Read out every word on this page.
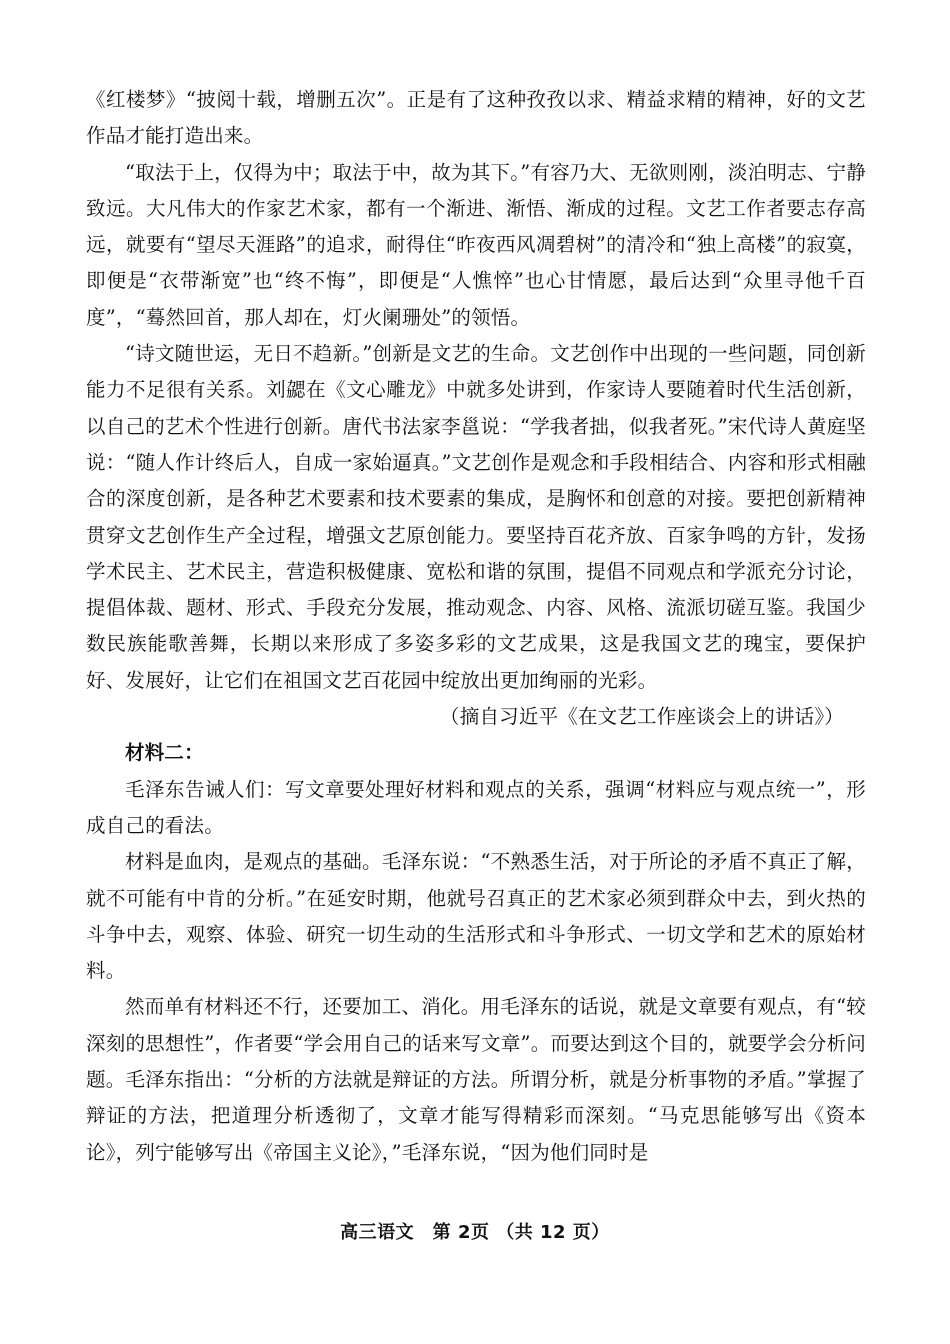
《红楼梦》“披阅十载，增删五次”。正是有了这种孜孜以求、精益求精的精神，好的文艺作品才能打造出来。

“取法于上，仅得为中；取法于中，故为其下。”有容乃大、无欲则刚，淡泊明志、宁静致远。大凡伟大的作家艺术家，都有一个渐进、渐悟、渐成的过程。文艺工作者要志存高远，就要有“望尽天涯路”的追求，耐得住“昨夜西风凋碧树”的清冷和“独上高楼”的寂寞，即便是“衣带渐宽”也“终不悔”，即便是“人憔悴”也心甘情愿，最后达到“众里寻他千百度”，“蓦然回首，那人却在，灯火阑珊处”的领悟。

“诗文随世运，无日不趋新。”创新是文艺的生命。文艺创作中出现的一些问题，同创新能力不足很有关系。刘勰在《文心雕龙》中就多处讲到，作家诗人要随着时代生活创新，以自己的艺术个性进行创新。唐代书法家李邕说：“学我者拙，似我者死。”宋代诗人黄庭坚说：“随人作计终后人，自成一家始逼真。”文艺创作是观念和手段相结合、内容和形式相融合的深度创新，是各种艺术要素和技术要素的集成，是胸怀和创意的对接。要把创新精神贯穿文艺创作生产全过程，增强文艺原创能力。要坚持百花齐放、百家争鸣的方针，发扬学术民主、艺术民主，营造积极健康、宽松和谐的氛围，提倡不同观点和学派充分讨论，提倡体裁、题材、形式、手段充分发展，推动观念、内容、风格、流派切磋互鉴。我国少数民族能歌善舞，长期以来形成了多姿多彩的文艺成果，这是我国文艺的瑰宝，要保护好、发展好，让它们在祖国文艺百花园中绽放出更加绚丽的光彩。

（摘自习近平《在文艺工作座谈会上的讲话》）

材料二：

毛泽东告诫人们：写文章要处理好材料和观点的关系，强调“材料应与观点统一”，形成自己的看法。

材料是血肉，是观点的基础。毛泽东说：“不熟悉生活，对于所论的矛盾不真正了解，就不可能有中肯的分析。”在延安时期，他就号召真正的艺术家必须到群众中去，到火热的斗争中去，观察、体验、研究一切生动的生活形式和斗争形式、一切文学和艺术的原始材料。

然而单有材料还不行，还要加工、消化。用毛泽东的话说，就是文章要有观点，有“较深刻的思想性”，作者要“学会用自己的话来写文章”。而要达到这个目的，就要学会分析问题。毛泽东指出：“分析的方法就是辩证的方法。所谓分析，就是分析事物的矛盾。”掌握了辩证的方法，把道理分析透彻了，文章才能写得精彩而深刻。“马克思能够写出《资本论》，列宁能够写出《帝国主义论》，”毛泽东说，“因为他们同时是

高三语文　第 2页 （共 12 页）
